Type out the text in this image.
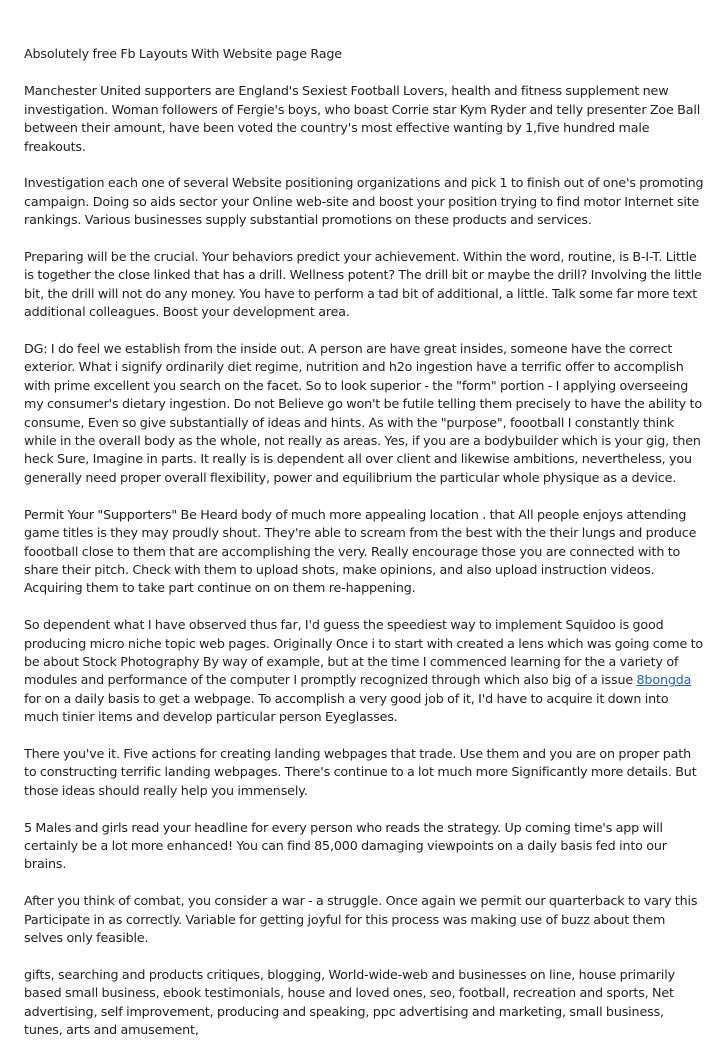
Absolutely free Fb Layouts With Website page Rage

Manchester United supporters are England's Sexiest Football Lovers, health and fitness supplement new investigation. Woman followers of Fergie's boys, who boast Corrie star Kym Ryder and telly presenter Zoe Ball between their amount, have been voted the country's most effective wanting by 1,five hundred male freakouts.

Investigation each one of several Website positioning organizations and pick 1 to finish out of one's promoting campaign. Doing so aids sector your Online web-site and boost your position trying to find motor Internet site rankings. Various businesses supply substantial promotions on these products and services.

Preparing will be the crucial. Your behaviors predict your achievement. Within the word, routine, is B-I-T. Little is together the close linked that has a drill. Wellness potent? The drill bit or maybe the drill? Involving the little bit, the drill will not do any money. You have to perform a tad bit of additional, a little. Talk some far more text additional colleagues. Boost your development area.

DG: I do feel we establish from the inside out. A person are have great insides, someone have the correct exterior. What i signify ordinarily diet regime, nutrition and h2o ingestion have a terrific offer to accomplish with prime excellent you search on the facet. So to look superior - the "form" portion - I applying overseeing my consumer's dietary ingestion. Do not Believe go won't be futile telling them precisely to have the ability to consume, Even so give substantially of ideas and hints. As with the "purpose", foootball I constantly think while in the overall body as the whole, not really as areas. Yes, if you are a bodybuilder which is your gig, then heck Sure, Imagine in parts. It really is is dependent all over client and likewise ambitions, nevertheless, you generally need proper overall flexibility, power and equilibrium the particular whole physique as a device.

Permit Your "Supporters" Be Heard body of much more appealing location . that All people enjoys attending game titles is they may proudly shout. They're able to scream from the best with the their lungs and produce foootball close to them that are accomplishing the very. Really encourage those you are connected with to share their pitch. Check with them to upload shots, make opinions, and also upload instruction videos. Acquiring them to take part continue on on them re-happening.

So dependent what I have observed thus far, I'd guess the speediest way to implement Squidoo is good producing micro niche topic web pages. Originally Once i to start with created a lens which was going come to be about Stock Photography By way of example, but at the time I commenced learning for the a variety of modules and performance of the computer I promptly recognized through which also big of a issue 8bongda for on a daily basis to get a webpage. To accomplish a very good job of it, I'd have to acquire it down into much tinier items and develop particular person Eyeglasses.

There you've it. Five actions for creating landing webpages that trade. Use them and you are on proper path to constructing terrific landing webpages. There's continue to a lot much more Significantly more details. But those ideas should really help you immensely.

5 Males and girls read your headline for every person who reads the strategy. Up coming time's app will certainly be a lot more enhanced! You can find 85,000 damaging viewpoints on a daily basis fed into our brains.

After you think of combat, you consider a war - a struggle. Once again we permit our quarterback to vary this Participate in as correctly. Variable for getting joyful for this process was making use of buzz about them selves only feasible.

gifts, searching and products critiques, blogging, World-wide-web and businesses on line, house primarily based small business, ebook testimonials, house and loved ones, seo, football, recreation and sports, Net advertising, self improvement, producing and speaking, ppc advertising and marketing, small business, tunes, arts and amusement,
